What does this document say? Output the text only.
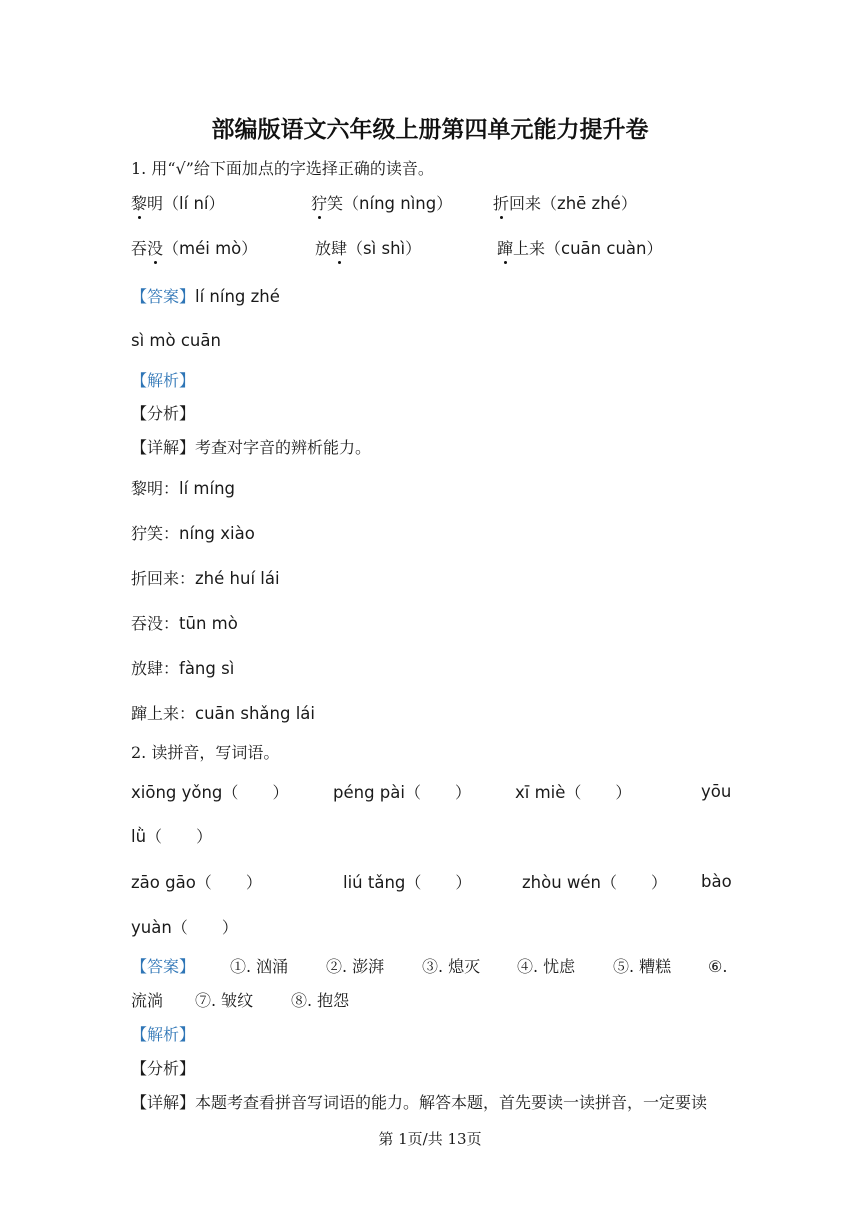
部编版语文六年级上册第四单元能力提升卷
1. 用“√”给下面加点的字选择正确的读音。
黎明（lí ní）	狞笑（níng nìng）	折回来（zhē zhé）
吞没（méi mò）	放肆（sì shì）	蹿上来（cuān cuàn）
【答案】lí níng zhé
sì mò cuān
【解析】
【分析】
【详解】考查对字音的辨析能力。
黎明：lí míng
狞笑：níng xiào
折回来：zhé huí lái
吞没：tūn mò
放肆：fàng sì
蹿上来：cuān shǎng lái
2. 读拼音，写词语。
xiōng yǒng（ ）	péng pài（ ）	xī miè（ ）	yōu
lǜ（ ）
zāo gāo（ ）	liú tǎng（ ）	zhòu wén（ ） bào
yuàn（ ）
【答案】 ①. 汹涌 ②. 澎湃 ③. 熄灭 ④. 忧虑 ⑤. 糟糕 ⑥.
流淌 ⑦. 皱纹 ⑧. 抱怨
【解析】
【分析】
【详解】本题考查看拼音写词语的能力。解答本题，首先要读一读拼音，一定要读
第 1页/共 13页
